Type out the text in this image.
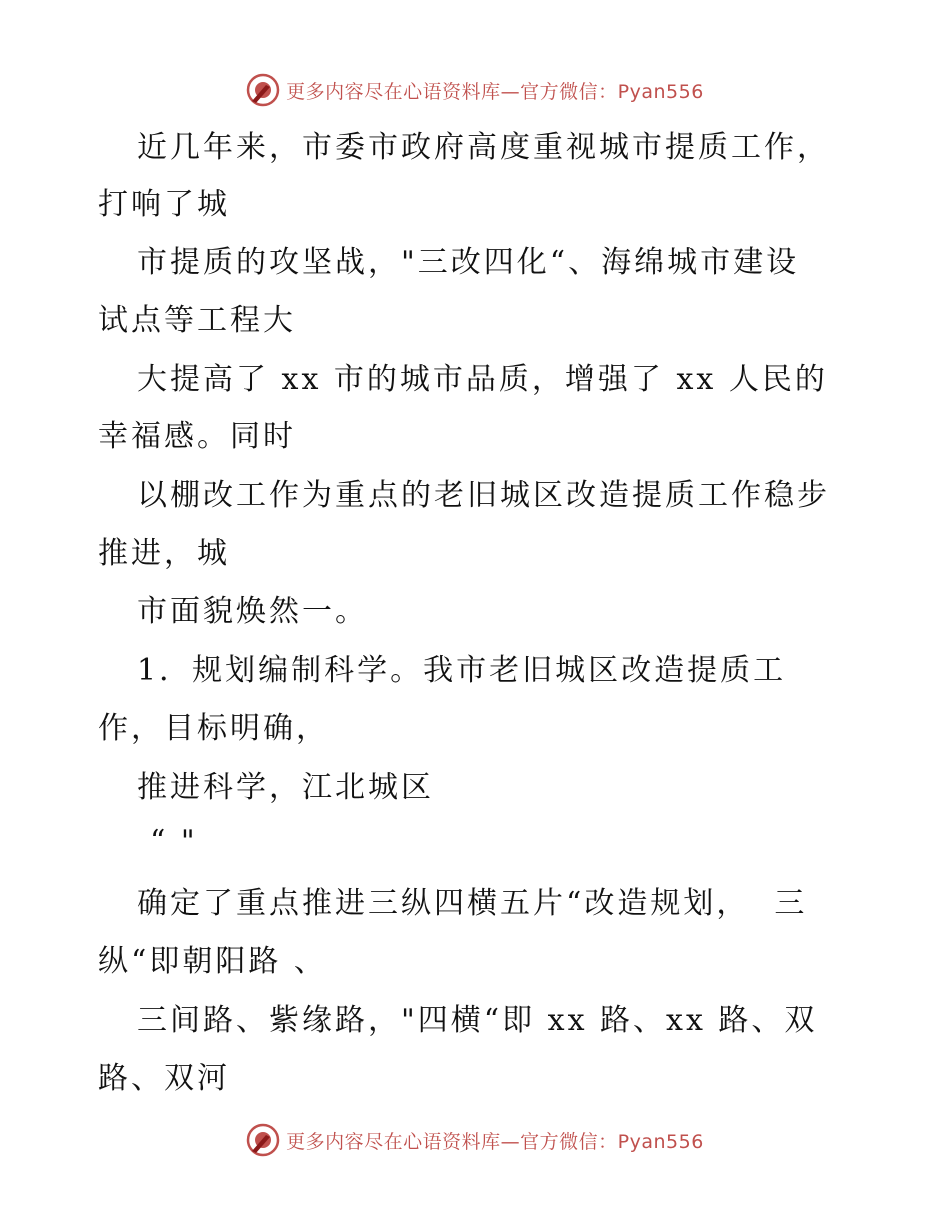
更多内容尽在心语资料库—官方微信：Pyan556
近几年来，市委市政府高度重视城市提质工作，
打响了城
市提质的攻坚战，"三改四化“、海绵城市建设
试点等工程大
大提高了 xx 市的城市品质，增强了 xx 人民的
幸福感。同时
以棚改工作为重点的老旧城区改造提质工作稳步
推进，城
市面貌焕然一。
1．规划编制科学。我市老旧城区改造提质工
作，目标明确，
推进科学，江北城区
“ "
确定了重点推进三纵四横五片“改造规划，  三
纵“即朝阳路 、
三间路、紫缘路，"四横“即 xx 路、xx 路、双
路、双河
更多内容尽在心语资料库—官方微信：Pyan556
